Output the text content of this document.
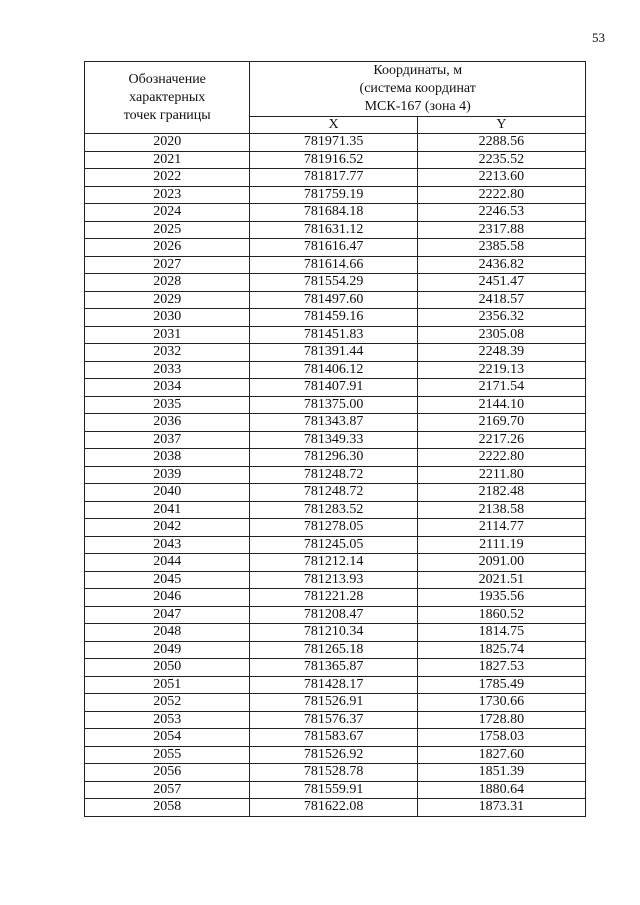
53
Обозначение
характерных
точек границы	Координаты, м
(система координат
МСК-167 (зона 4)	
	X	Y
2020	781971.35	2288.56
2021	781916.52	2235.52
2022	781817.77	2213.60
2023	781759.19	2222.80
2024	781684.18	2246.53
2025	781631.12	2317.88
2026	781616.47	2385.58
2027	781614.66	2436.82
2028	781554.29	2451.47
2029	781497.60	2418.57
2030	781459.16	2356.32
2031	781451.83	2305.08
2032	781391.44	2248.39
2033	781406.12	2219.13
2034	781407.91	2171.54
2035	781375.00	2144.10
2036	781343.87	2169.70
2037	781349.33	2217.26
2038	781296.30	2222.80
2039	781248.72	2211.80
2040	781248.72	2182.48
2041	781283.52	2138.58
2042	781278.05	2114.77
2043	781245.05	2111.19
2044	781212.14	2091.00
2045	781213.93	2021.51
2046	781221.28	1935.56
2047	781208.47	1860.52
2048	781210.34	1814.75
2049	781265.18	1825.74
2050	781365.87	1827.53
2051	781428.17	1785.49
2052	781526.91	1730.66
2053	781576.37	1728.80
2054	781583.67	1758.03
2055	781526.92	1827.60
2056	781528.78	1851.39
2057	781559.91	1880.64
2058	781622.08	1873.31
